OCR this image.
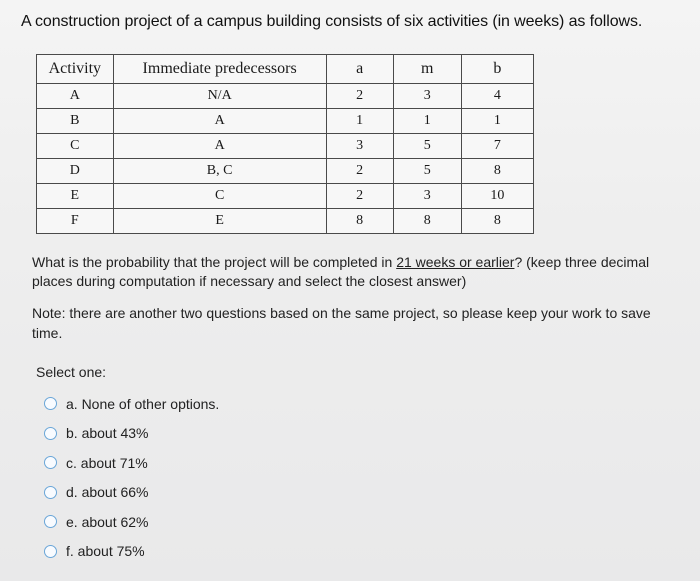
A construction project of a campus building consists of six activities (in weeks) as follows.
Activity	Immediate predecessors	a	m	b
A	N/A	2	3	4
B	A	1	1	1
C	A	3	5	7
D	B, C	2	5	8
E	C	2	3	10
F	E	8	8	8
What is the probability that the project will be completed in 21 weeks or earlier? (keep three decimal places during computation if necessary and select the closest answer)
Note: there are another two questions based on the same project, so please keep your work to save time.
Select one:
a. None of other options.
b. about 43%
c. about 71%
d. about 66%
e. about 62%
f. about 75%
